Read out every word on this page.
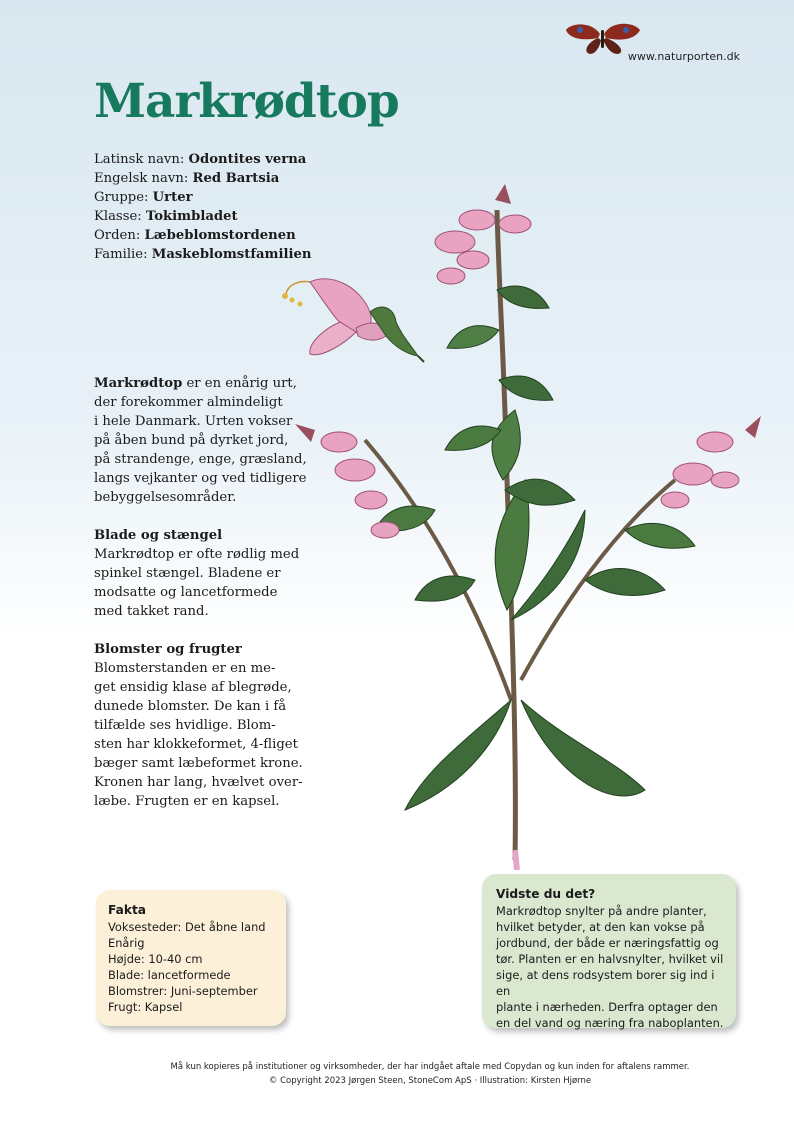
www.naturporten.dk
Markrødtop
Latinsk navn: Odontites verna
Engelsk navn: Red Bartsia
Gruppe: Urter
Klasse: Tokimbladet
Orden: Læbeblomstordenen
Familie: Maskeblomstfamilien

Markrødtop er en enårig urt,
der forekommer almindeligt
i hele Danmark. Urten vokser
på åben bund på dyrket jord,
på strandenge, enge, græsland,
langs vejkanter og ved tidligere
bebyggelsesområder.

Blade og stængel

Markrødtop er ofte rødlig med
spinkel stængel. Bladene er
modsatte og lancetformede
med takket rand.

Blomster og frugter

Blomsterstanden er en me-
get ensidig klase af blegrøde,
dunede blomster. De kan i få
tilfælde ses hvidlige. Blom-
sten har klokkeformet, 4-fliget
bæger samt læbeformet krone.
Kronen har lang, hvælvet over-
læbe. Frugten er en kapsel.

Fakta
Voksesteder: Det åbne land
Enårig
Højde: 10-40 cm
Blade: lancetformede
Blomstrer: Juni-september
Frugt: Kapsel
Vidste du det?
Markrødtop snylter på andre planter,
hvilket betyder, at den kan vokse på
jordbund, der både er næringsfattig og
tør. Planten er en halvsnylter, hvilket vil
sige, at dens rodsystem borer sig ind i en
plante i nærheden. Derfra optager den
en del vand og næring fra naboplanten.
Må kun kopieres på institutioner og virksomheder, der har indgået aftale med Copydan og kun inden for aftalens rammer.
© Copyright 2023 Jørgen Steen, StoneCom ApS · Illustration: Kirsten Hjørne
